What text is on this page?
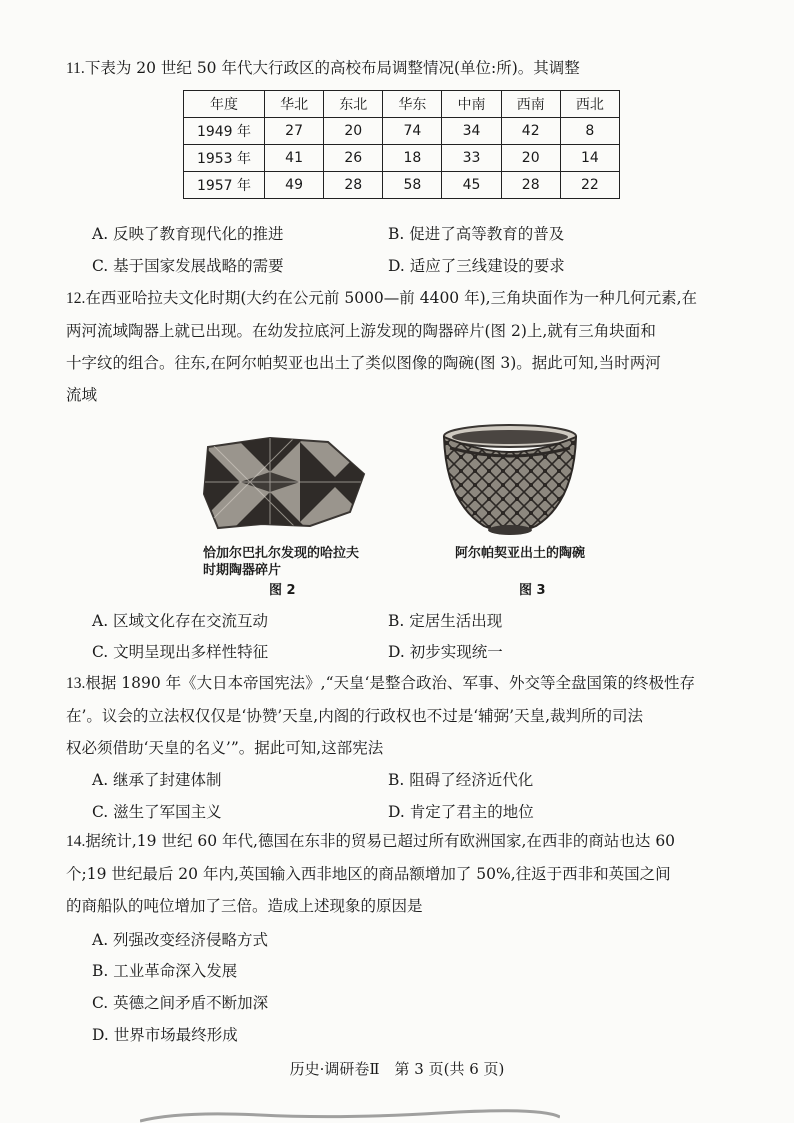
11.下表为 20 世纪 50 年代大行政区的高校布局调整情况(单位:所)。其调整
年度	华北	东北	华东	中南	西南	西北
1949 年	27	20	74	34	42	8
1953 年	41	26	18	33	20	14
1957 年	49	28	58	45	28	22
A. 反映了教育现代化的推进	B. 促进了高等教育的普及
C. 基于国家发展战略的需要	D. 适应了三线建设的要求
12.在西亚哈拉夫文化时期(大约在公元前 5000—前 4400 年),三角块面作为一种几何元素,在
两河流域陶器上就已出现。在幼发拉底河上游发现的陶器碎片(图 2)上,就有三角块面和
十字纹的组合。往东,在阿尔帕契亚也出土了类似图像的陶碗(图 3)。据此可知,当时两河
流域
恰加尔巴扎尔发现的哈拉夫
时期陶器碎片
图 2
阿尔帕契亚出土的陶碗
图 3
A. 区域文化存在交流互动	B. 定居生活出现
C. 文明呈现出多样性特征	D. 初步实现统一
13.根据 1890 年《大日本帝国宪法》,“天皇‘是整合政治、军事、外交等全盘国策的终极性存
在’。议会的立法权仅仅是‘协赞’天皇,内阁的行政权也不过是‘辅弼’天皇,裁判所的司法
权必须借助‘天皇的名义’”。据此可知,这部宪法
A. 继承了封建体制	B. 阻碍了经济近代化
C. 滋生了军国主义	D. 肯定了君主的地位
14.据统计,19 世纪 60 年代,德国在东非的贸易已超过所有欧洲国家,在西非的商站也达 60
个;19 世纪最后 20 年内,英国输入西非地区的商品额增加了 50%,往返于西非和英国之间
的商船队的吨位增加了三倍。造成上述现象的原因是
A. 列强改变经济侵略方式
B. 工业革命深入发展
C. 英德之间矛盾不断加深
D. 世界市场最终形成
历史·调研卷Ⅱ　第 3 页(共 6 页)
